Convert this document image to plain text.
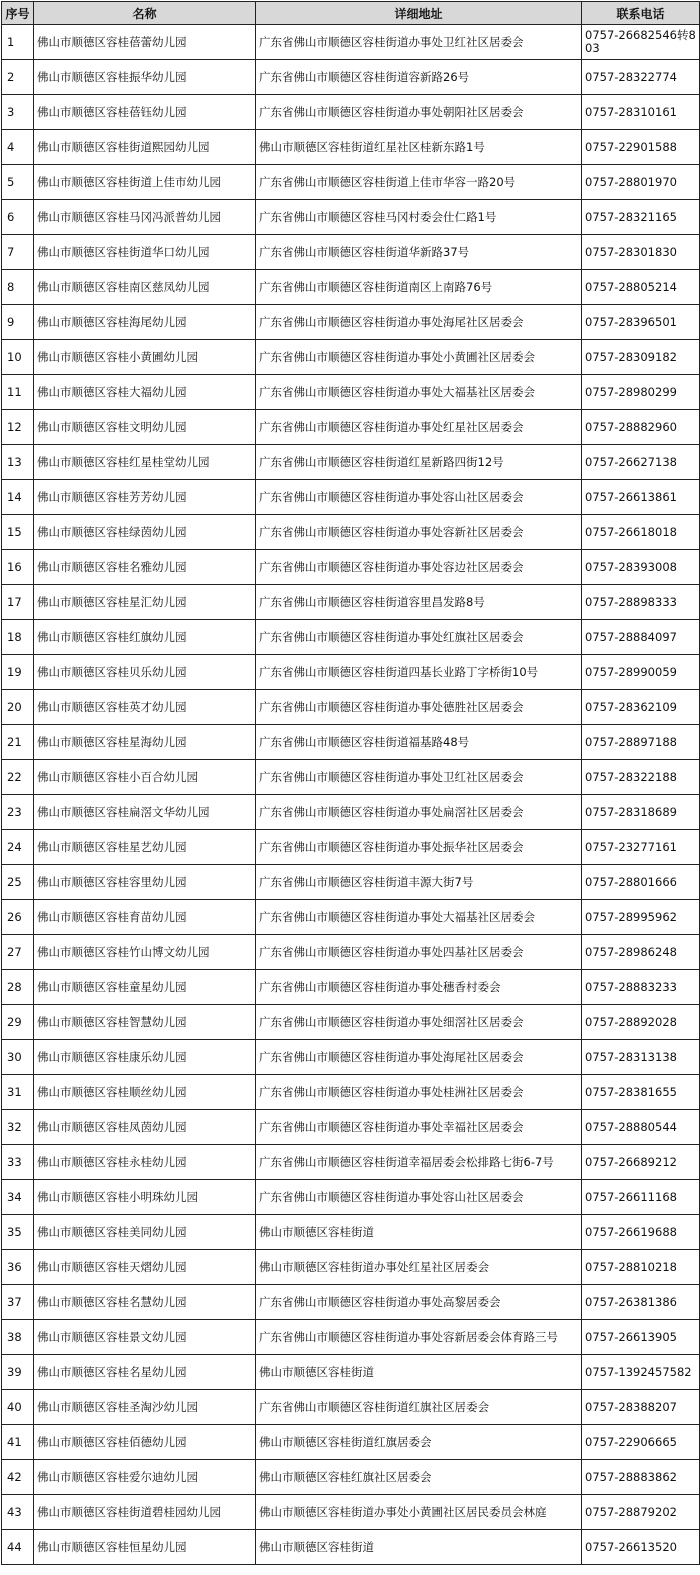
序号	名称	详细地址	联系电话
1	佛山市顺德区容桂蓓蕾幼儿园	广东省佛山市顺德区容桂街道办事处卫红社区居委会	0757-26682546转803
2	佛山市顺德区容桂振华幼儿园	广东省佛山市顺德区容桂街道容新路26号	0757-28322774
3	佛山市顺德区容桂蓓钰幼儿园	广东省佛山市顺德区容桂街道办事处朝阳社区居委会	0757-28310161
4	佛山市顺德区容桂街道熙园幼儿园	佛山市顺德区容桂街道红星社区桂新东路1号	0757-22901588
5	佛山市顺德区容桂街道上佳市幼儿园	广东省佛山市顺德区容桂街道上佳市华容一路20号	0757-28801970
6	佛山市顺德区容桂马冈冯派普幼儿园	广东省佛山市顺德区容桂马冈村委会仕仁路1号	0757-28321165
7	佛山市顺德区容桂街道华口幼儿园	广东省佛山市顺德区容桂街道华新路37号	0757-28301830
8	佛山市顺德区容桂南区慈凤幼儿园	广东省佛山市顺德区容桂街道南区上南路76号	0757-28805214
9	佛山市顺德区容桂海尾幼儿园	广东省佛山市顺德区容桂街道办事处海尾社区居委会	0757-28396501
10	佛山市顺德区容桂小黄圃幼儿园	广东省佛山市顺德区容桂街道办事处小黄圃社区居委会	0757-28309182
11	佛山市顺德区容桂大福幼儿园	广东省佛山市顺德区容桂街道办事处大福基社区居委会	0757-28980299
12	佛山市顺德区容桂文明幼儿园	广东省佛山市顺德区容桂街道办事处红星社区居委会	0757-28882960
13	佛山市顺德区容桂红星桂堂幼儿园	广东省佛山市顺德区容桂街道红星新路四街12号	0757-26627138
14	佛山市顺德区容桂芳芳幼儿园	广东省佛山市顺德区容桂街道办事处容山社区居委会	0757-26613861
15	佛山市顺德区容桂绿茵幼儿园	广东省佛山市顺德区容桂街道办事处容新社区居委会	0757-26618018
16	佛山市顺德区容桂名雅幼儿园	广东省佛山市顺德区容桂街道办事处容边社区居委会	0757-28393008
17	佛山市顺德区容桂星汇幼儿园	广东省佛山市顺德区容桂街道容里昌发路8号	0757-28898333
18	佛山市顺德区容桂红旗幼儿园	广东省佛山市顺德区容桂街道办事处红旗社区居委会	0757-28884097
19	佛山市顺德区容桂贝乐幼儿园	广东省佛山市顺德区容桂街道四基长业路丁字桥街10号	0757-28990059
20	佛山市顺德区容桂英才幼儿园	广东省佛山市顺德区容桂街道办事处德胜社区居委会	0757-28362109
21	佛山市顺德区容桂星海幼儿园	广东省佛山市顺德区容桂街道福基路48号	0757-28897188
22	佛山市顺德区容桂小百合幼儿园	广东省佛山市顺德区容桂街道办事处卫红社区居委会	0757-28322188
23	佛山市顺德区容桂扁滘文华幼儿园	广东省佛山市顺德区容桂街道办事处扁滘社区居委会	0757-28318689
24	佛山市顺德区容桂星艺幼儿园	广东省佛山市顺德区容桂街道办事处振华社区居委会	0757-23277161
25	佛山市顺德区容桂容里幼儿园	广东省佛山市顺德区容桂街道丰源大街7号	0757-28801666
26	佛山市顺德区容桂育苗幼儿园	广东省佛山市顺德区容桂街道办事处大福基社区居委会	0757-28995962
27	佛山市顺德区容桂竹山博文幼儿园	广东省佛山市顺德区容桂街道办事处四基社区居委会	0757-28986248
28	佛山市顺德区容桂童星幼儿园	广东省佛山市顺德区容桂街道办事处穗香村委会	0757-28883233
29	佛山市顺德区容桂智慧幼儿园	广东省佛山市顺德区容桂街道办事处细滘社区居委会	0757-28892028
30	佛山市顺德区容桂康乐幼儿园	广东省佛山市顺德区容桂街道办事处海尾社区居委会	0757-28313138
31	佛山市顺德区容桂顺丝幼儿园	广东省佛山市顺德区容桂街道办事处桂洲社区居委会	0757-28381655
32	佛山市顺德区容桂凤茵幼儿园	广东省佛山市顺德区容桂街道办事处幸福社区居委会	0757-28880544
33	佛山市顺德区容桂永桂幼儿园	广东省佛山市顺德区容桂街道幸福居委会松排路七街6-7号	0757-26689212
34	佛山市顺德区容桂小明珠幼儿园	广东省佛山市顺德区容桂街道办事处容山社区居委会	0757-26611168
35	佛山市顺德区容桂美同幼儿园	佛山市顺德区容桂街道	0757-26619688
36	佛山市顺德区容桂天熠幼儿园	佛山市顺德区容桂街道办事处红星社区居委会	0757-28810218
37	佛山市顺德区容桂名慧幼儿园	广东省佛山市顺德区容桂街道办事处高黎居委会	0757-26381386
38	佛山市顺德区容桂景文幼儿园	广东省佛山市顺德区容桂街道办事处容新居委会体育路三号	0757-26613905
39	佛山市顺德区容桂名星幼儿园	佛山市顺德区容桂街道	0757-1392457582
40	佛山市顺德区容桂圣淘沙幼儿园	广东省佛山市顺德区容桂街道红旗社区居委会	0757-28388207
41	佛山市顺德区容桂佰德幼儿园	佛山市顺德区容桂街道红旗居委会	0757-22906665
42	佛山市顺德区容桂爱尔迪幼儿园	佛山市顺德区容桂红旗社区居委会	0757-28883862
43	佛山市顺德区容桂街道碧桂园幼儿园	佛山市顺德区容桂街道办事处小黄圃社区居民委员会林庭	0757-28879202
44	佛山市顺德区容桂恒星幼儿园	佛山市顺德区容桂街道	0757-26613520
